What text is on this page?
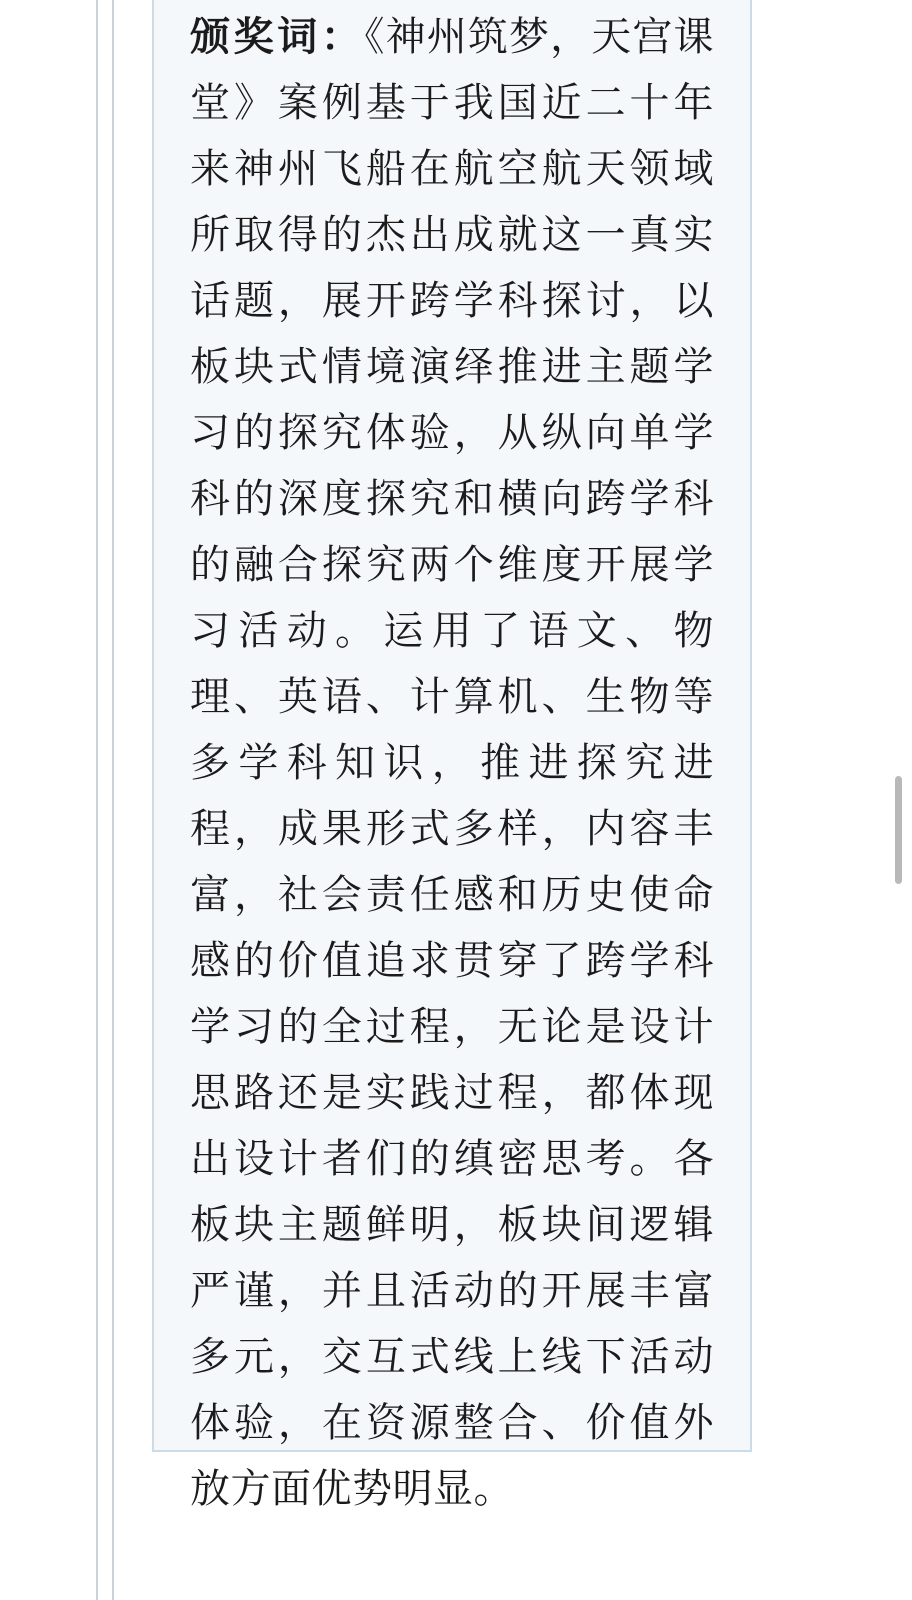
颁奖词：《神州筑梦，天宫课堂》案例基于我国近二十年来神州飞船在航空航天领域所取得的杰出成就这一真实话题，展开跨学科探讨，以板块式情境演绎推进主题学习的探究体验，从纵向单学科的深度探究和横向跨学科的融合探究两个维度开展学习活动。运用了语文、物理、英语、计算机、生物等多学科知识，推进探究进程，成果形式多样，内容丰富，社会责任感和历史使命感的价值追求贯穿了跨学科学习的全过程，无论是设计思路还是实践过程，都体现出设计者们的缜密思考。各板块主题鲜明，板块间逻辑严谨，并且活动的开展丰富多元，交互式线上线下活动体验，在资源整合、价值外放方面优势明显。
